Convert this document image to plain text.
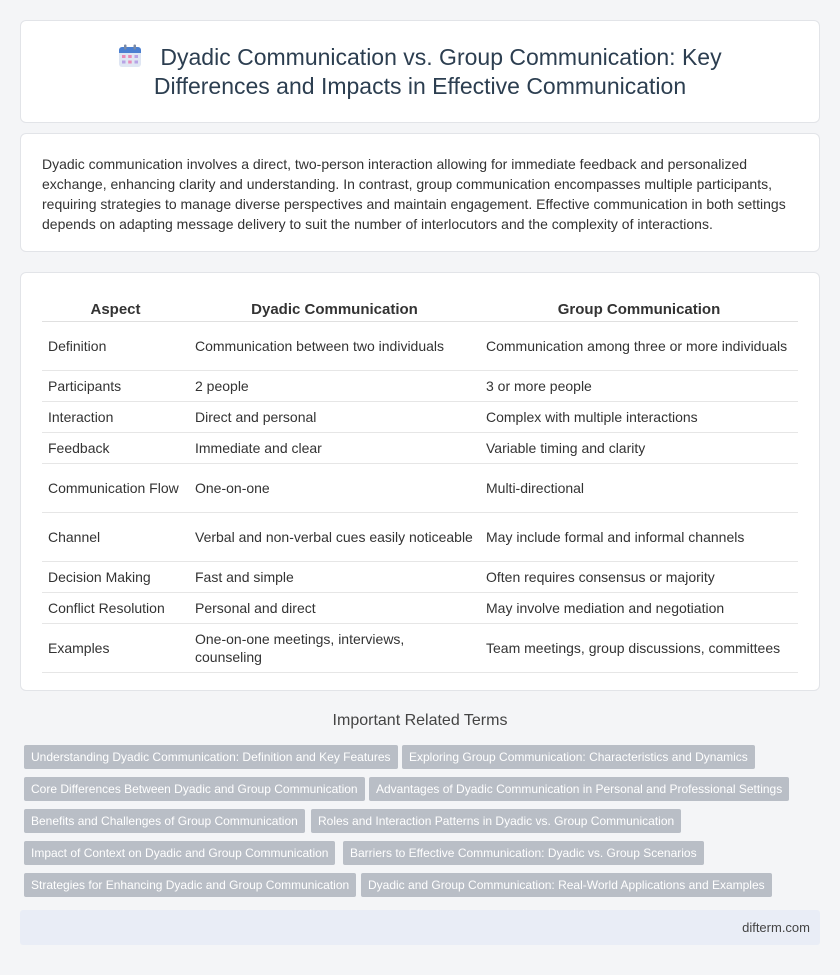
Dyadic Communication vs. Group Communication: Key Differences and Impacts in Effective Communication

Dyadic communication involves a direct, two-person interaction allowing for immediate feedback and personalized exchange, enhancing clarity and understanding. In contrast, group communication encompasses multiple participants, requiring strategies to manage diverse perspectives and maintain engagement. Effective communication in both settings depends on adapting message delivery to suit the number of interlocutors and the complexity of interactions.

Aspect	Dyadic Communication	Group Communication
Definition	Communication between two individuals	Communication among three or more individuals
Participants	2 people	3 or more people
Interaction	Direct and personal	Complex with multiple interactions
Feedback	Immediate and clear	Variable timing and clarity
Communication Flow	One-on-one	Multi-directional
Channel	Verbal and non-verbal cues easily noticeable	May include formal and informal channels
Decision Making	Fast and simple	Often requires consensus or majority
Conflict Resolution	Personal and direct	May involve mediation and negotiation
Examples	One-on-one meetings, interviews, counseling	Team meetings, group discussions, committees
Important Related Terms
Understanding Dyadic Communication: Definition and Key Features	Exploring Group Communication: Characteristics and Dynamics
Core Differences Between Dyadic and Group Communication	Advantages of Dyadic Communication in Personal and Professional Settings
Benefits and Challenges of Group Communication	Roles and Interaction Patterns in Dyadic vs. Group Communication
Impact of Context on Dyadic and Group Communication	Barriers to Effective Communication: Dyadic vs. Group Scenarios
Strategies for Enhancing Dyadic and Group Communication	Dyadic and Group Communication: Real-World Applications and Examples
difterm.com
